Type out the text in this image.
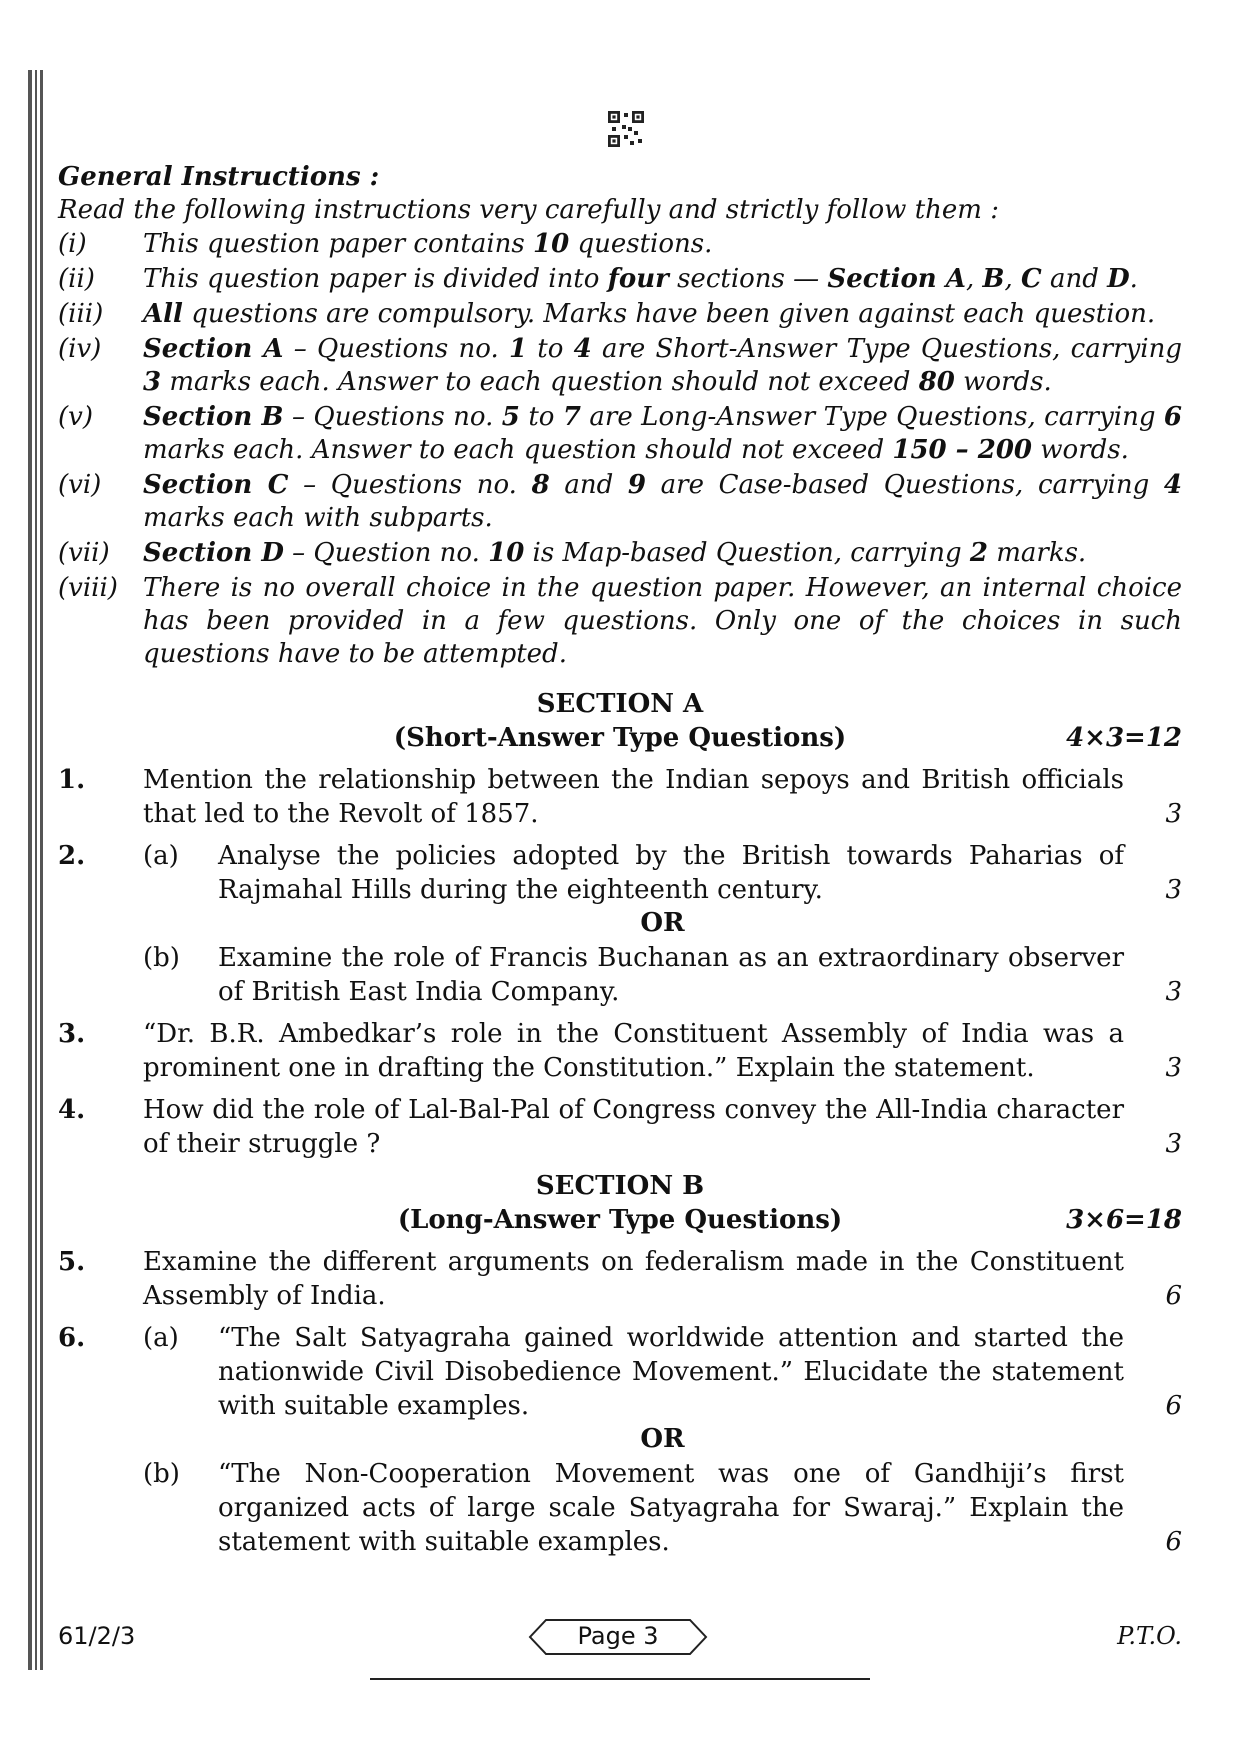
General Instructions :
Read the following instructions very carefully and strictly follow them :
(i)	This question paper contains 10 questions.
(ii)	This question paper is divided into four sections — Section A, B, C and D.
(iii)	All questions are compulsory. Marks have been given against each question.
(iv)	Section A – Questions no. 1 to 4 are Short-Answer Type Questions, carrying 3 marks each. Answer to each question should not exceed 80 words.
(v)	Section B – Questions no. 5 to 7 are Long-Answer Type Questions, carrying 6 marks each. Answer to each question should not exceed 150 – 200 words.
(vi)	Section C – Questions no. 8 and 9 are Case-based Questions, carrying 4 marks each with subparts.
(vii)	Section D – Question no. 10 is Map-based Question, carrying 2 marks.
(viii) There is no overall choice in the question paper. However, an internal choice has been provided in a few questions. Only one of the choices in such questions have to be attempted.
SECTION A
(Short-Answer Type Questions)	4×3=12
1.	Mention the relationship between the Indian sepoys and British officials that led to the Revolt of 1857.	3
2.	(a)	Analyse the policies adopted by the British towards Paharias of Rajmahal Hills during the eighteenth century.	3
OR
(b)	Examine the role of Francis Buchanan as an extraordinary observer of British East India Company.	3
3.	“Dr. B.R. Ambedkar’s role in the Constituent Assembly of India was a prominent one in drafting the Constitution.” Explain the statement.	3
4.	How did the role of Lal-Bal-Pal of Congress convey the All-India character of their struggle ?	3
SECTION B
(Long-Answer Type Questions)	3×6=18
5.	Examine the different arguments on federalism made in the Constituent Assembly of India.	6
6.	(a)	“The Salt Satyagraha gained worldwide attention and started the nationwide Civil Disobedience Movement.” Elucidate the statement with suitable examples.	6
OR
(b)	“The Non-Cooperation Movement was one of Gandhiji’s first organized acts of large scale Satyagraha for Swaraj.” Explain the statement with suitable examples.	6
61/2/3	Page 3	P.T.O.
